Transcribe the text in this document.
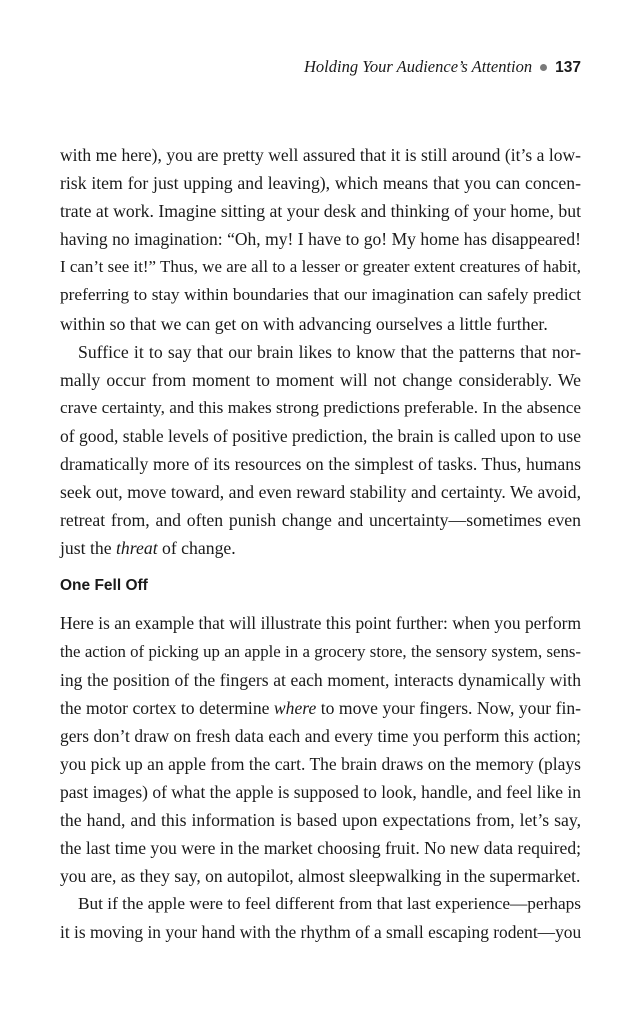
Holding Your Audience’s Attention 137
with me here), you are pretty well assured that it is still around (it’s a low-
risk item for just upping and leaving), which means that you can concen-
trate at work. Imagine sitting at your desk and thinking of your home, but
having no imagination: “Oh, my! I have to go! My home has disappeared!
I can’t see it!” Thus, we are all to a lesser or greater extent creatures of habit,
preferring to stay within boundaries that our imagination can safely predict
within so that we can get on with advancing ourselves a little further.
Suffice it to say that our brain likes to know that the patterns that nor-
mally occur from moment to moment will not change considerably. We
crave certainty, and this makes strong predictions preferable. In the absence
of good, stable levels of positive prediction, the brain is called upon to use
dramatically more of its resources on the simplest of tasks. Thus, humans
seek out, move toward, and even reward stability and certainty. We avoid,
retreat from, and often punish change and uncertainty—sometimes even
just the threat of change.
One Fell Off
Here is an example that will illustrate this point further: when you perform
the action of picking up an apple in a grocery store, the sensory system, sens-
ing the position of the fingers at each moment, interacts dynamically with
the motor cortex to determine where to move your fingers. Now, your fin-
gers don’t draw on fresh data each and every time you perform this action;
you pick up an apple from the cart. The brain draws on the memory (plays
past images) of what the apple is supposed to look, handle, and feel like in
the hand, and this information is based upon expectations from, let’s say,
the last time you were in the market choosing fruit. No new data required;
you are, as they say, on autopilot, almost sleepwalking in the supermarket.
But if the apple were to feel different from that last experience—perhaps
it is moving in your hand with the rhythm of a small escaping rodent—you
